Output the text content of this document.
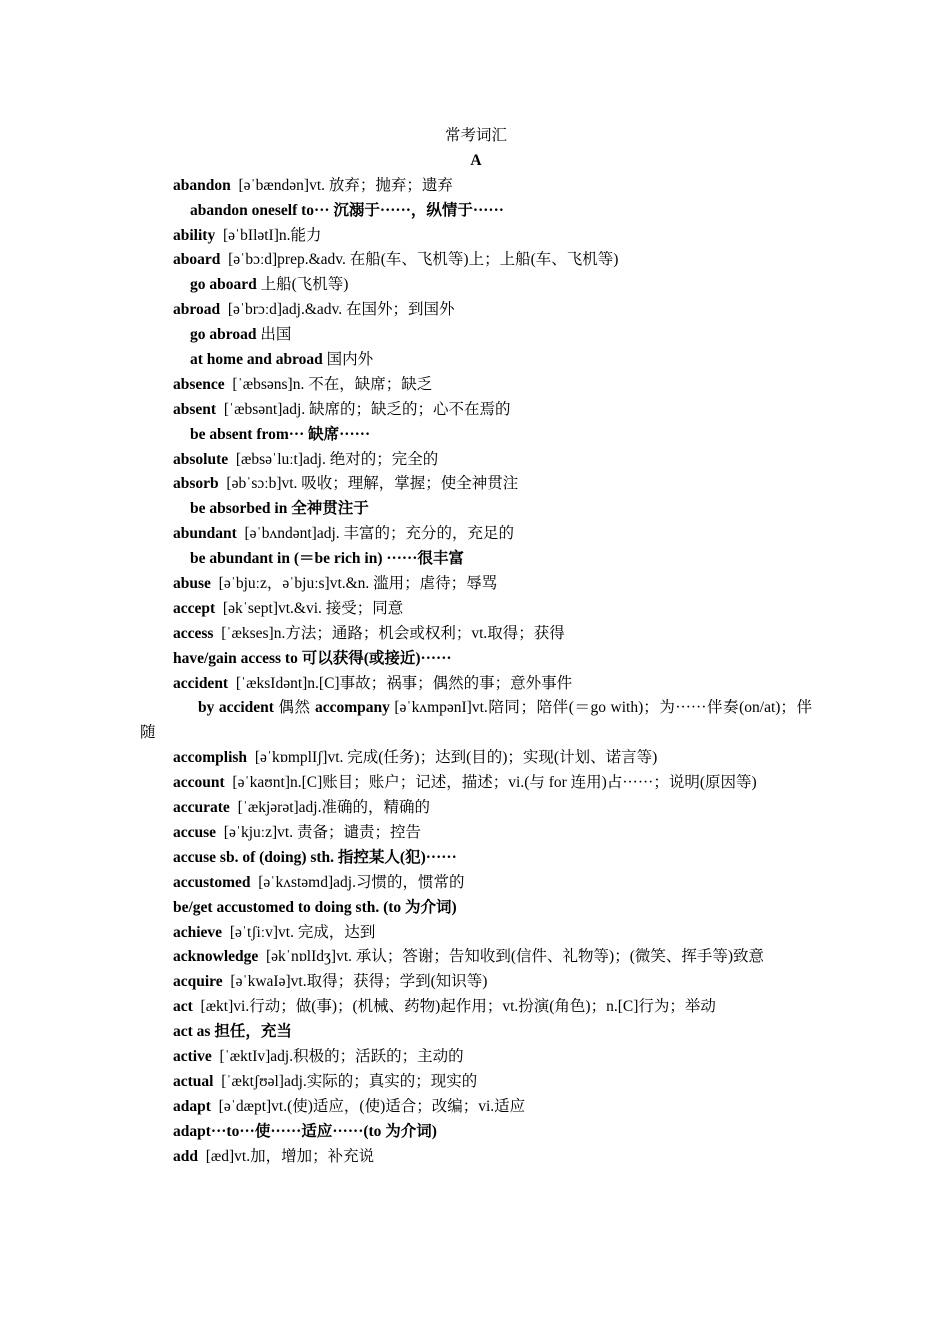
常考词汇
A
abandon [əˈbændən]vt. 放弃；抛弃；遗弃
abandon oneself to··· 沉溺于······，纵情于······
ability [əˈbIlətI]n.能力
aboard [əˈbɔːd]prep.&adv. 在船(车、飞机等)上；上船(车、飞机等)
go aboard 上船(飞机等)
abroad [əˈbrɔːd]adj.&adv. 在国外；到国外
go abroad 出国
at home and abroad 国内外
absence [ˈæbsəns]n. 不在，缺席；缺乏
absent [ˈæbsənt]adj. 缺席的；缺乏的；心不在焉的
be absent from··· 缺席······
absolute [æbsəˈluːt]adj. 绝对的；完全的
absorb [əbˈsɔːb]vt. 吸收；理解，掌握；使全神贯注
be absorbed in 全神贯注于
abundant [əˈbʌndənt]adj. 丰富的；充分的，充足的
be abundant in (＝be rich in) ······很丰富
abuse [əˈbjuːz，əˈbjuːs]vt.&n. 滥用；虐待；辱骂
accept [əkˈsept]vt.&vi. 接受；同意
access [ˈækses]n.方法；通路；机会或权利；vt.取得；获得
have/gain access to 可以获得(或接近)······
accident [ˈæksIdənt]n.[C]事故；祸事；偶然的事；意外事件
by accident 偶然 accompany [əˈkʌmpənI]vt.陪同；陪伴(＝go with)；为······伴奏(on/at)；伴随
accomplish [əˈkɒmplIʃ]vt. 完成(任务)；达到(目的)；实现(计划、诺言等)
account [əˈkaʊnt]n.[C]账目；账户；记述，描述；vi.(与 for 连用)占······；说明(原因等)
accurate [ˈækjərət]adj.准确的，精确的
accuse [əˈkjuːz]vt. 责备；谴责；控告
accuse sb. of (doing) sth. 指控某人(犯)······
accustomed [əˈkʌstəmd]adj.习惯的，惯常的
be/get accustomed to doing sth. (to 为介词)
achieve [əˈtʃiːv]vt. 完成，达到
acknowledge [əkˈnɒlIdʒ]vt. 承认；答谢；告知收到(信件、礼物等)；(微笑、挥手等)致意
acquire [əˈkwaIə]vt.取得；获得；学到(知识等)
act [ækt]vi.行动；做(事)；(机械、药物)起作用；vt.扮演(角色)；n.[C]行为；举动
act as 担任，充当
active [ˈæktIv]adj.积极的；活跃的；主动的
actual [ˈæktʃʊəl]adj.实际的；真实的；现实的
adapt [əˈdæpt]vt.(使)适应，(使)适合；改编；vi.适应
adapt···to···使······适应······(to 为介词)
add [æd]vt.加，增加；补充说
